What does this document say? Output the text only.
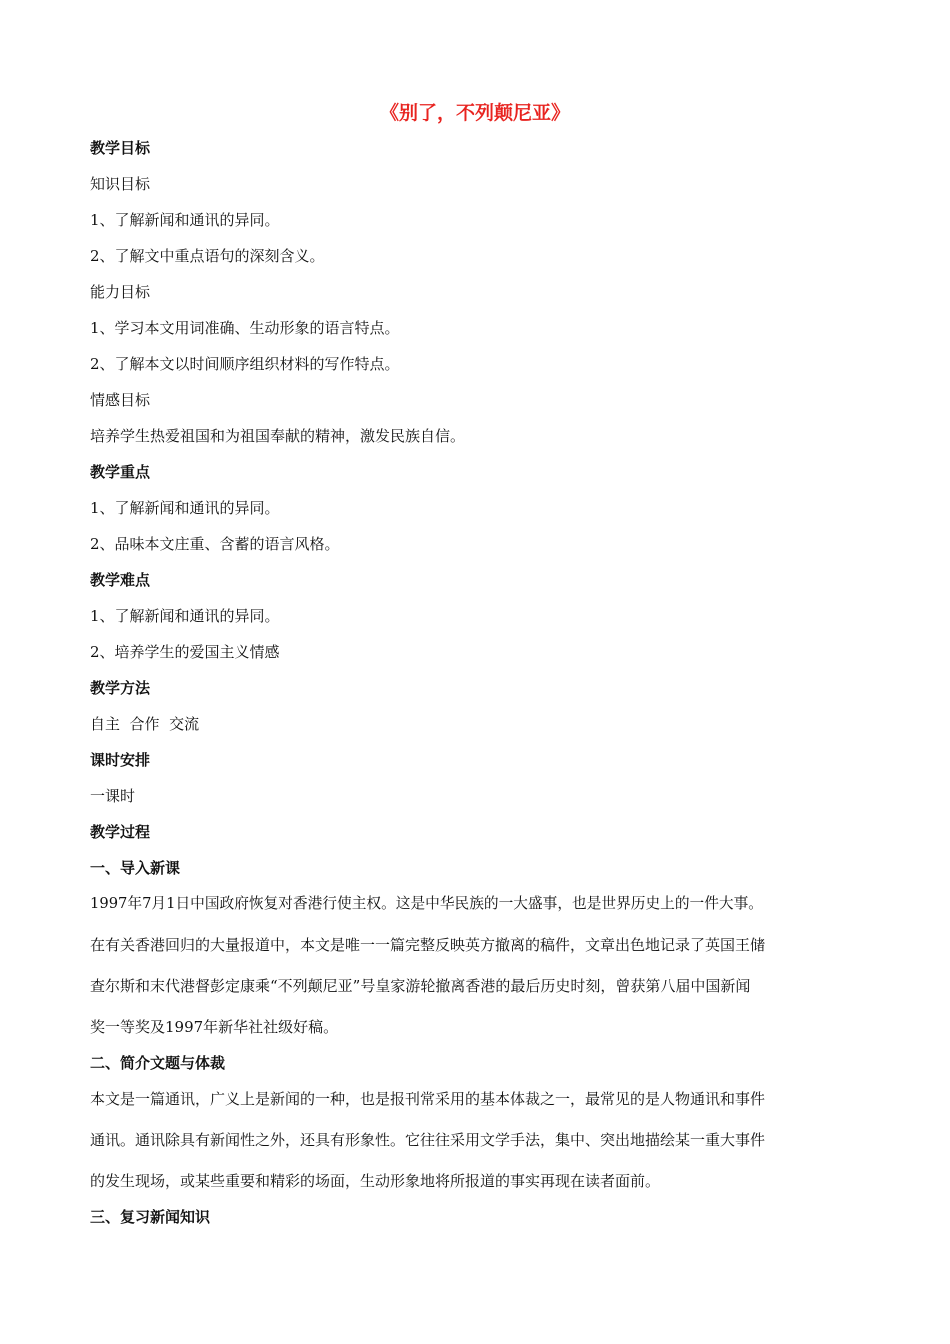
《别了，不列颠尼亚》
教学目标
知识目标
1、了解新闻和通讯的异同。
2、了解文中重点语句的深刻含义。
能力目标
1、学习本文用词准确、生动形象的语言特点。
2、了解本文以时间顺序组织材料的写作特点。
情感目标
培养学生热爱祖国和为祖国奉献的精神，激发民族自信。
教学重点
1、了解新闻和通讯的异同。
2、品味本文庄重、含蓄的语言风格。
教学难点
1、了解新闻和通讯的异同。
2、培养学生的爱国主义情感
教学方法
自主  合作  交流
课时安排
一课时
教学过程
一、导入新课
1997年7月1日中国政府恢复对香港行使主权。这是中华民族的一大盛事，也是世界历史上的一件大事。
在有关香港回归的大量报道中，本文是唯一一篇完整反映英方撤离的稿件，文章出色地记录了英国王储
查尔斯和末代港督彭定康乘“不列颠尼亚”号皇家游轮撤离香港的最后历史时刻，曾获第八届中国新闻
奖一等奖及1997年新华社社级好稿。
二、简介文题与体裁
本文是一篇通讯，广义上是新闻的一种，也是报刊常采用的基本体裁之一，最常见的是人物通讯和事件
通讯。通讯除具有新闻性之外，还具有形象性。它往往采用文学手法，集中、突出地描绘某一重大事件
的发生现场，或某些重要和精彩的场面，生动形象地将所报道的事实再现在读者面前。
三、复习新闻知识
